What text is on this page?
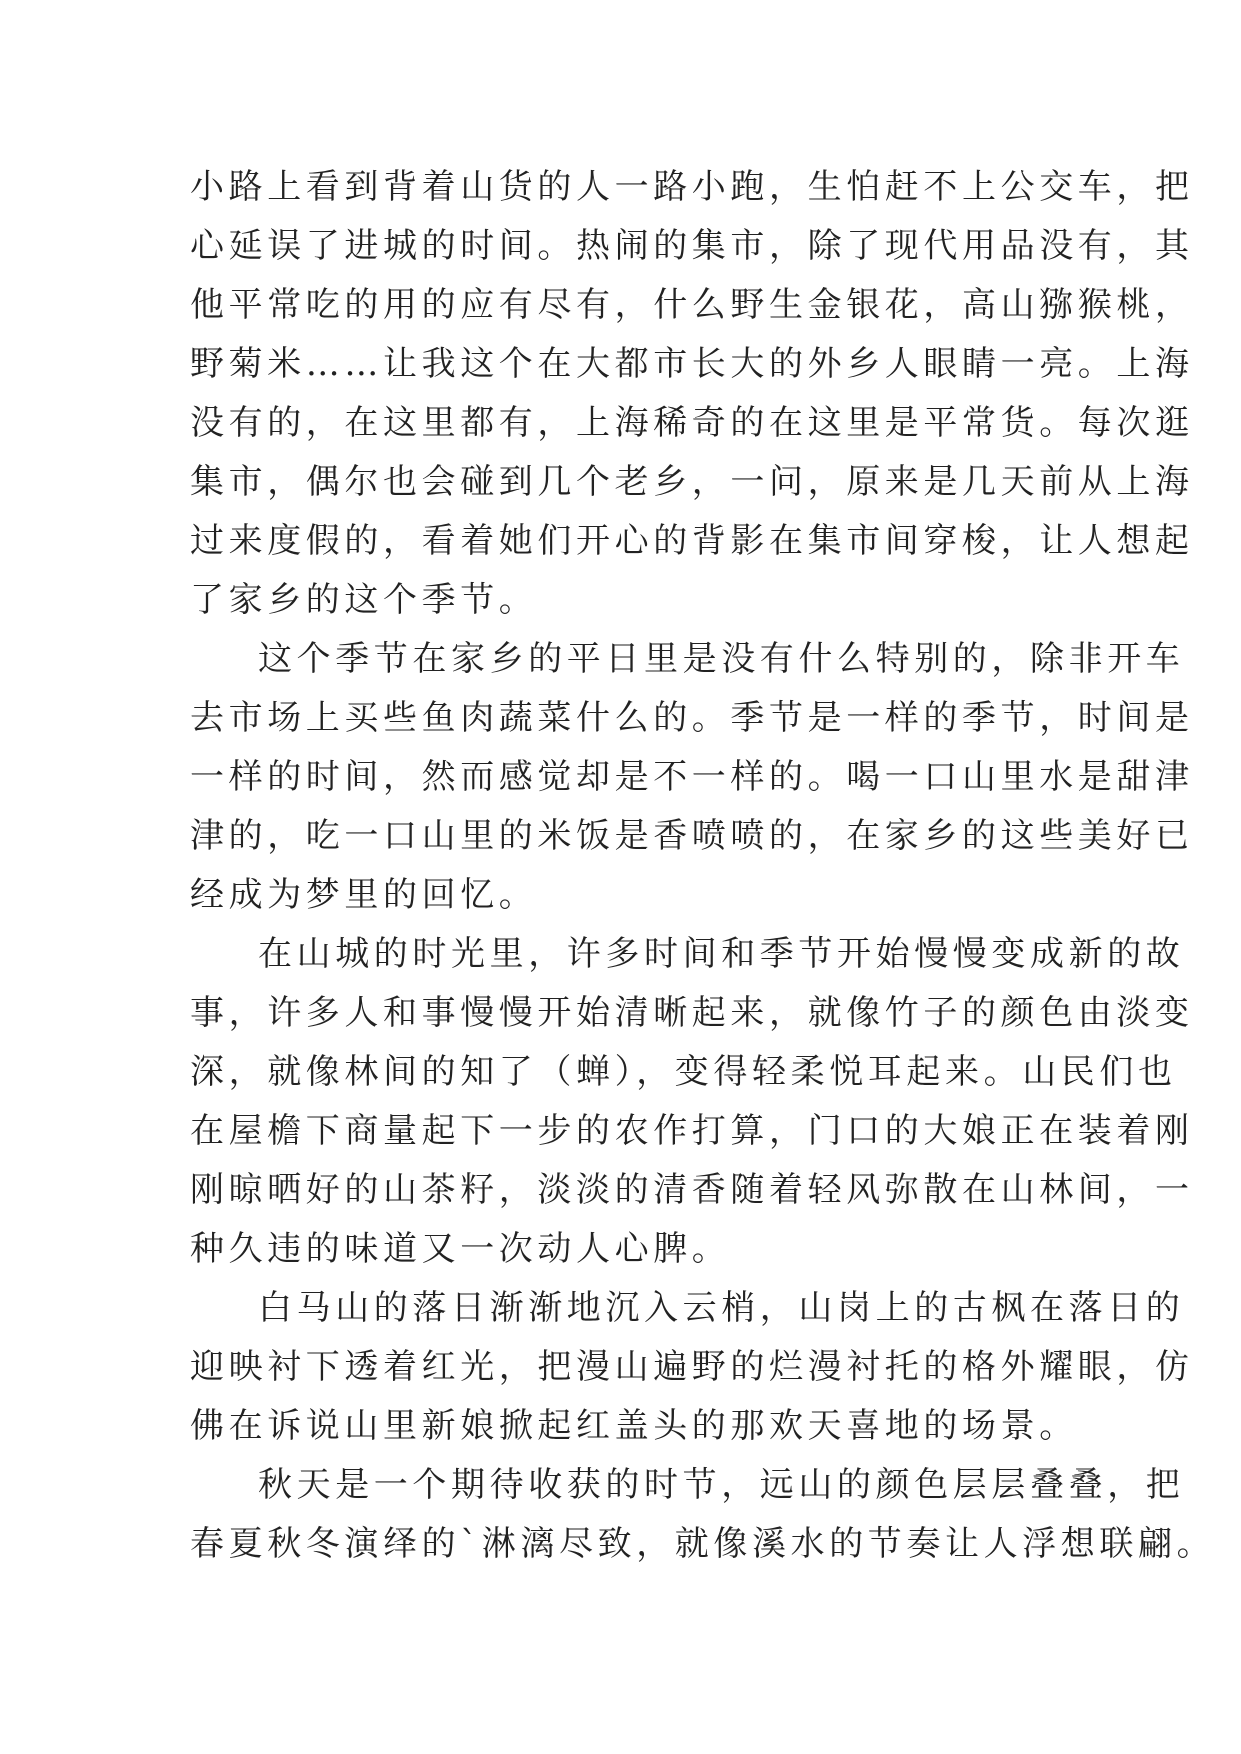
小路上看到背着山货的人一路小跑，生怕赶不上公交车，把
心延误了进城的时间。热闹的集市，除了现代用品没有，其
他平常吃的用的应有尽有，什么野生金银花，高山猕猴桃，
野菊米……让我这个在大都市长大的外乡人眼睛一亮。上海
没有的，在这里都有，上海稀奇的在这里是平常货。每次逛
集市，偶尔也会碰到几个老乡，一问，原来是几天前从上海
过来度假的，看着她们开心的背影在集市间穿梭，让人想起
了家乡的这个季节。
这个季节在家乡的平日里是没有什么特别的，除非开车
去市场上买些鱼肉蔬菜什么的。季节是一样的季节，时间是
一样的时间，然而感觉却是不一样的。喝一口山里水是甜津
津的，吃一口山里的米饭是香喷喷的，在家乡的这些美好已
经成为梦里的回忆。
在山城的时光里，许多时间和季节开始慢慢变成新的故
事，许多人和事慢慢开始清晰起来，就像竹子的颜色由淡变
深，就像林间的知了（蝉），变得轻柔悦耳起来。山民们也
在屋檐下商量起下一步的农作打算，门口的大娘正在装着刚
刚晾晒好的山茶籽，淡淡的清香随着轻风弥散在山林间，一
种久违的味道又一次动人心脾。
白马山的落日渐渐地沉入云梢，山岗上的古枫在落日的
迎映衬下透着红光，把漫山遍野的烂漫衬托的格外耀眼，仿
佛在诉说山里新娘掀起红盖头的那欢天喜地的场景。
秋天是一个期待收获的时节，远山的颜色层层叠叠，把
春夏秋冬演绎的`淋漓尽致，就像溪水的节奏让人浮想联翩。
